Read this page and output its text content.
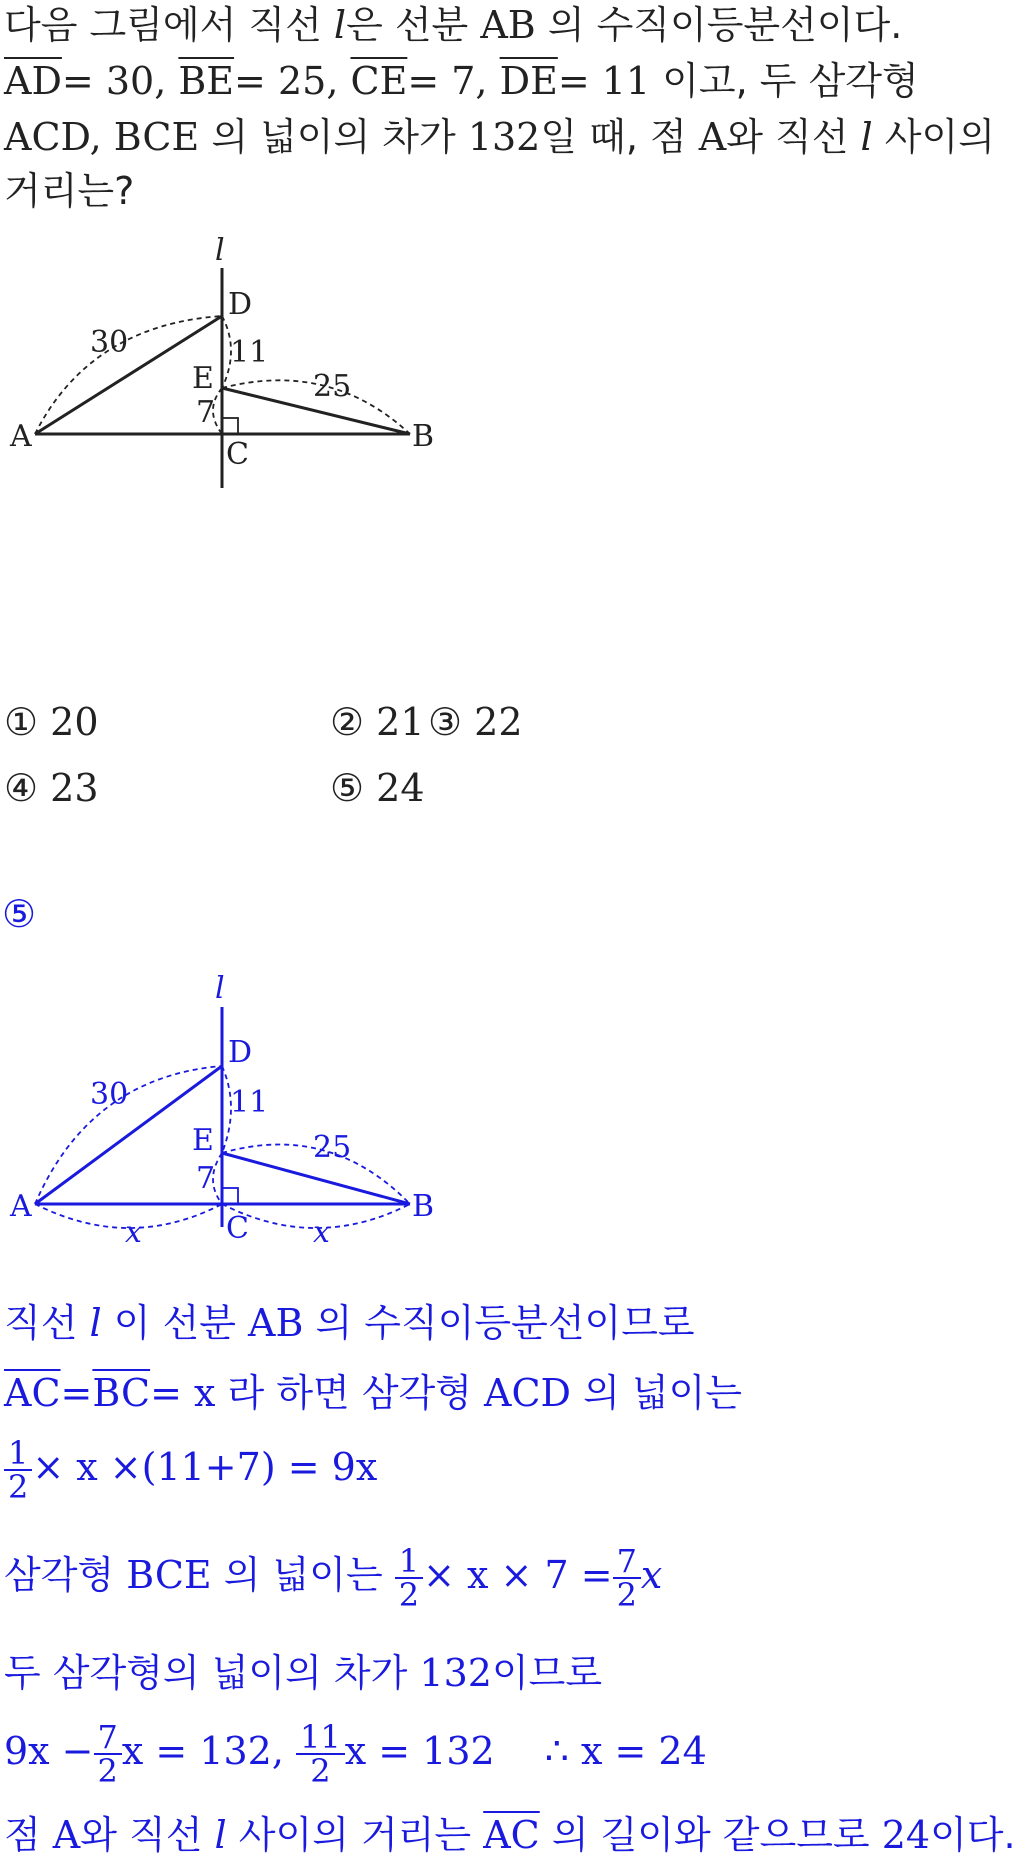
다음 그림에서 직선 l은 선분 AB 의 수직이등분선이다.
$\overline{AD}= 30$, $\overline{BE}= 25$, $\overline{CE}= 7$, $\overline{DE}= 11$ 이고, 두 삼각형
ACD, BCE 의 넓이의 차가 132일 때, 점 A와 직선 l 사이의
거리는?
l
D
E
A	B
C
30	11
25
7
① 20	② 21 ③ 22
④ 23	⑤ 24
⑤
l
D
E
A	B
C
30	11
25
7
x	x
직선 l 이 선분 AB 의 수직이등분선이므로
$\overline{AC}=\overline{BC}= x$ 라 하면 삼각형 ACD 의 넓이는
$\frac{1}{2} \times x \times(11+7) = 9x$
삼각형 BCE 의 넓이는 $\frac{1}{2} \times x \times 7 = \frac{7}{2}$ x
두 삼각형의 넓이의 차가 132이므로
$9x - \frac{7}{2}$ x = 132, $\frac{11}{2}$ x = 132 ∴ x = 24
점 A와 직선 l 사이의 거리는 $\overline{AC}$ 의 길이와 같으므로 24이다.
